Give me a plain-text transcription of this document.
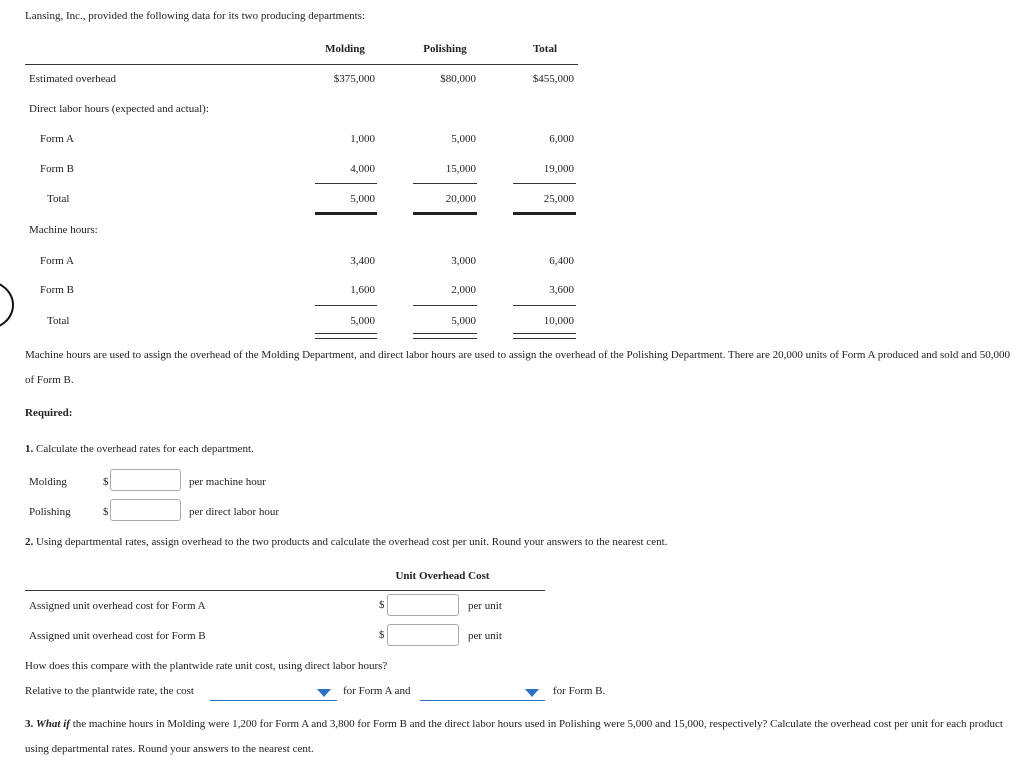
Lansing, Inc., provided the following data for its two producing departments:
Molding	Polishing	Total
Estimated overhead	$375,000	$80,000	$455,000
Direct labor hours (expected and actual):
Form A	1,000	5,000	6,000
Form B	4,000	15,000	19,000
Total	5,000	20,000	25,000
Machine hours:
Form A	3,400	3,000	6,400
Form B	1,600	2,000	3,600
Total	5,000	5,000	10,000
Machine hours are used to assign the overhead of the Molding Department, and direct labor hours are used to assign the overhead of the Polishing Department. There are 20,000 units of Form A produced and sold and 50,000 of Form B.
Required:
1. Calculate the overhead rates for each department.
Molding	$	per machine hour
Polishing	$	per direct labor hour
2. Using departmental rates, assign overhead to the two products and calculate the overhead cost per unit. Round your answers to the nearest cent.
Unit Overhead Cost
Assigned unit overhead cost for Form A	$	per unit
Assigned unit overhead cost for Form B	$	per unit
How does this compare with the plantwide rate unit cost, using direct labor hours?
Relative to the plantwide rate, the cost	for Form A and	for Form B.
3. What if the machine hours in Molding were 1,200 for Form A and 3,800 for Form B and the direct labor hours used in Polishing were 5,000 and 15,000, respectively? Calculate the overhead cost per unit for each product using departmental rates. Round your answers to the nearest cent.
